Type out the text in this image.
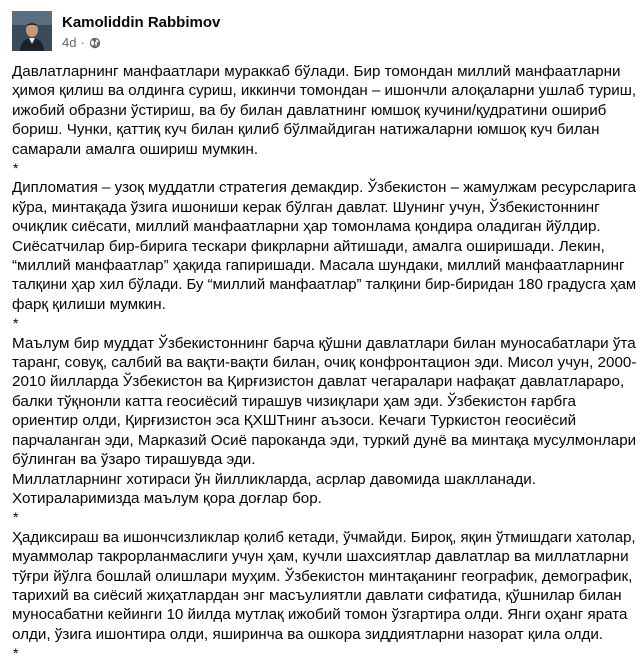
Kamoliddin Rabbimov
4d ·
Давлатларнинг манфаатлари мураккаб бўлади. Бир томондан миллий манфаатларни
ҳимоя қилиш ва олдинга суриш, иккинчи томондан – ишончли алоқаларни ушлаб туриш,
ижобий образни ўстириш, ва бу билан давлатнинг юмшоқ кучини/қудратини ошириб
бориш. Чунки, қаттиқ куч билан қилиб бўлмайдиган натижаларни юмшоқ куч билан
самарали амалга ошириш мумкин.
*
Дипломатия – узоқ муддатли стратегия демакдир. Ўзбекистон – жамулжам ресурсларига
кўра, минтақада ўзига ишониши керак бўлган давлат. Шунинг учун, Ўзбекистоннинг
очиқлик сиёсати, миллий манфаатларни ҳар томонлама қондира оладиган йўлдир.
Сиёсатчилар бир-бирига тескари фикрларни айтишади, амалга оширишади. Лекин,
“миллий манфаатлар” ҳақида гапиришади. Масала шундаки, миллий манфаатларнинг
талқини ҳар хил бўлади. Бу “миллий манфаатлар” талқини бир-биридан 180 градусга ҳам
фарқ қилиши мумкин.
*
Маълум бир муддат Ўзбекистоннинг барча қўшни давлатлари билан муносабатлари ўта
таранг, совуқ, салбий ва вақти-вақти билан, очиқ конфронтацион эди. Мисол учун, 2000-
2010 йилларда Ўзбекистон ва Қирғизистон давлат чегаралари нафақат давлатлараро,
балки тўқнонли катта геосиёсий тирашув чизиқлари ҳам эди. Ўзбекистон ғарбга
ориентир олди, Қирғизистон эса ҚХШТнинг аъзоси. Кечаги Туркистон геосиёсий
парчаланган эди, Марказий Осиё пароканда эди, туркий дунё ва минтақа мусулмонлари
бўлинган ва ўзаро тирашувда эди.
Миллатларнинг хотираси ўн йилликларда, асрлар давомида шаклланади.
Хотираларимизда маълум қора доғлар бор.
*
Ҳадиксираш ва ишончсизликлар қолиб кетади, ўчмайди. Бироқ, яқин ўтмишдаги хатолар,
муаммолар такрорланмаслиги учун ҳам, кучли шахсиятлар давлатлар ва миллатларни
тўғри йўлга бошлай олишлари муҳим. Ўзбекистон минтақанинг географик, демографик,
тарихий ва сиёсий жиҳатлардан энг масъулиятли давлати сифатида, қўшнилар билан
муносабатни кейинги 10 йилда мутлақ ижобий томон ўзгартира олди. Янги оҳанг ярата
олди, ўзига ишонтира олди, яширинча ва ошкора зиддиятларни назорат қила олди.
*
